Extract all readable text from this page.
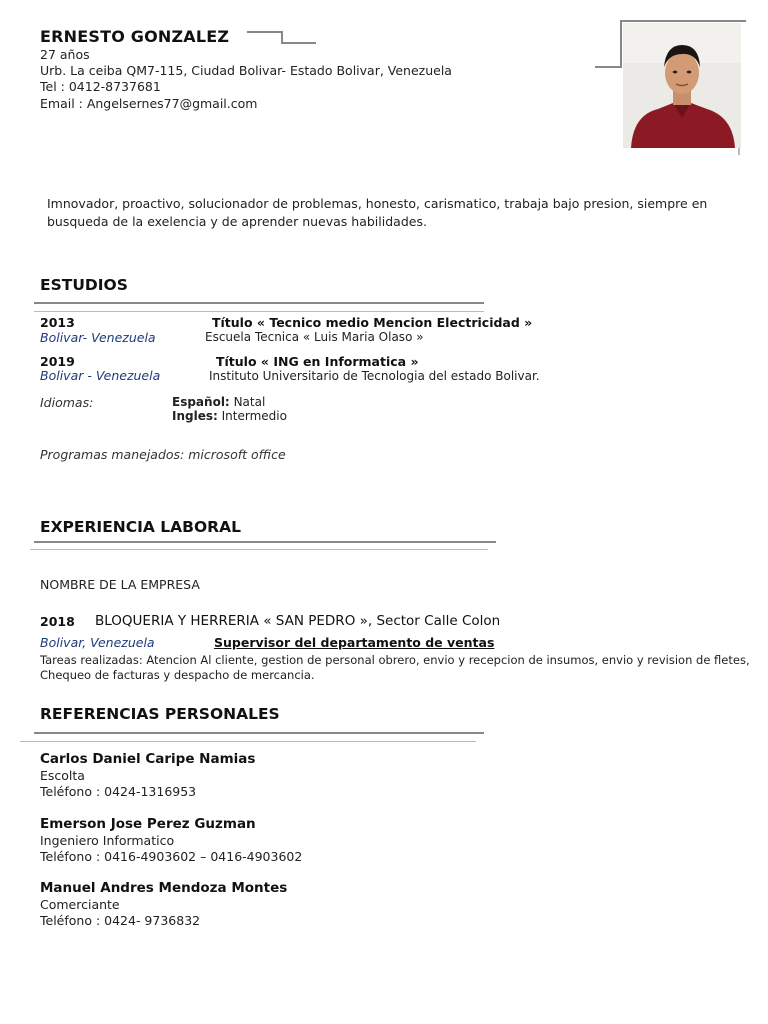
ERNESTO GONZALEZ
27 años
Urb. La ceiba QM7-115, Ciudad Bolivar- Estado Bolivar, Venezuela
Tel : 0412-8737681
Email : Angelsernes77@gmail.com
Imnovador, proactivo, solucionador de problemas, honesto, carismatico, trabaja bajo presion, siempre en busqueda de la exelencia y de aprender nuevas habilidades.
ESTUDIOS
2013	Título « Tecnico medio Mencion Electricidad »
Bolivar- Venezuela	Escuela Tecnica « Luis Maria Olaso »
2019	Título « ING en Informatica »
Bolivar - Venezuela	Instituto Universitario de Tecnologia del estado Bolivar.
Idiomas:	Español: Natal
Ingles: Intermedio
Programas manejados: microsoft office
EXPERIENCIA LABORAL
NOMBRE DE LA EMPRESA
2018 BLOQUERIA Y HERRERIA « SAN PEDRO », Sector Calle Colon
Bolivar, Venezuela	Supervisor del departamento de ventas
Tareas realizadas: Atencion Al cliente, gestion de personal obrero, envio y recepcion de insumos, envio y revision de fletes, Chequeo de facturas y despacho de mercancia.
REFERENCIAS PERSONALES
Carlos Daniel Caripe Namias
Escolta
Teléfono : 0424-1316953
Emerson Jose Perez Guzman
Ingeniero Informatico
Teléfono : 0416-4903602 – 0416-4903602
Manuel Andres Mendoza Montes
Comerciante
Teléfono : 0424- 9736832
